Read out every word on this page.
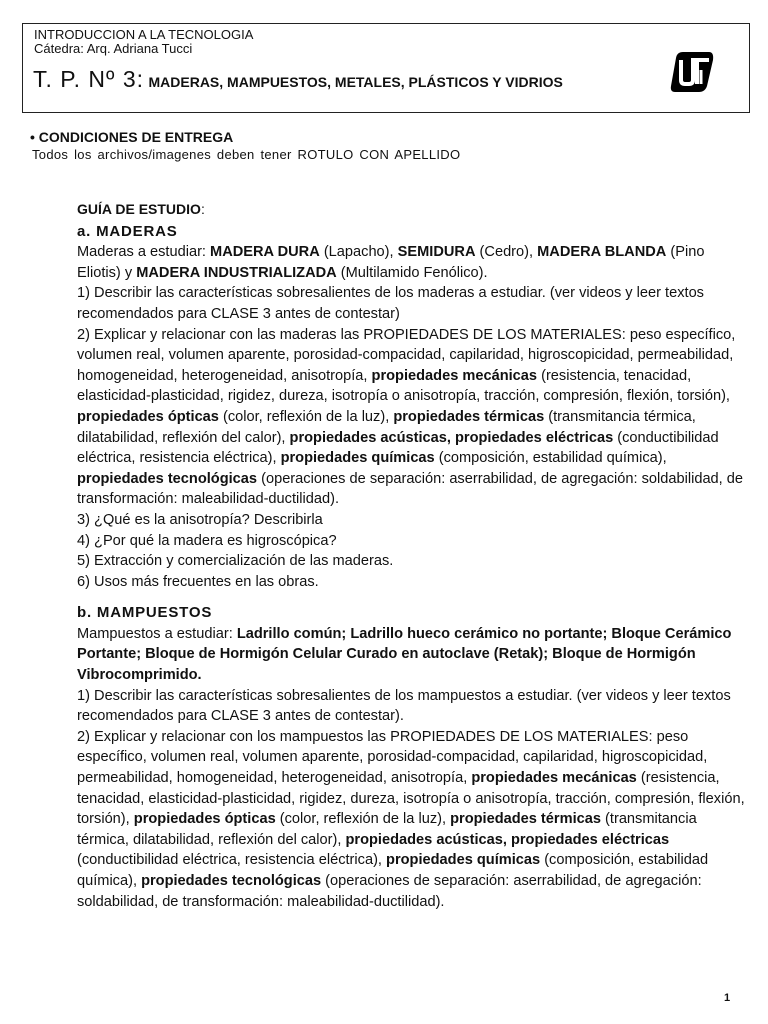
INTRODUCCION A LA TECNOLOGIA
Cátedra: Arq. Adriana Tucci
T. P. Nº 3: MADERAS, MAMPUESTOS, METALES, PLÁSTICOS Y VIDRIOS
• CONDICIONES DE ENTREGA
Todos los archivos/imagenes deben tener ROTULO CON APELLIDO

GUÍA DE ESTUDIO:

a. MADERAS

Maderas a estudiar: MADERA DURA (Lapacho), SEMIDURA (Cedro), MADERA BLANDA (Pino Eliotis) y MADERA INDUSTRIALIZADA (Multilamido Fenólico).

1) Describir las características sobresalientes de los maderas a estudiar. (ver videos y leer textos recomendados para CLASE 3 antes de contestar)

2) Explicar y relacionar con las maderas las PROPIEDADES DE LOS MATERIALES: peso específico, volumen real, volumen aparente, porosidad-compacidad, capilaridad, higroscopicidad, permeabilidad, homogeneidad, heterogeneidad, anisotropía, propiedades mecánicas (resistencia, tenacidad, elasticidad-plasticidad, rigidez, dureza, isotropía o anisotropía, tracción, compresión, flexión, torsión), propiedades ópticas (color, reflexión de la luz), propiedades térmicas (transmitancia térmica, dilatabilidad, reflexión del calor), propiedades acústicas, propiedades eléctricas (conductibilidad eléctrica, resistencia eléctrica), propiedades químicas (composición, estabilidad química), propiedades tecnológicas (operaciones de separación: aserrabilidad, de agregación: soldabilidad, de transformación: maleabilidad-ductilidad).

3) ¿Qué es la anisotropía? Describirla

4) ¿Por qué la madera es higroscópica?

5) Extracción y comercialización de las maderas.

6) Usos más frecuentes en las obras.

b. MAMPUESTOS

Mampuestos a estudiar: Ladrillo común; Ladrillo hueco cerámico no portante; Bloque Cerámico Portante; Bloque de Hormigón Celular Curado en autoclave (Retak); Bloque de Hormigón Vibrocomprimido.

1) Describir las características sobresalientes de los mampuestos a estudiar. (ver videos y leer textos recomendados para CLASE 3 antes de contestar).

2) Explicar y relacionar con los mampuestos las PROPIEDADES DE LOS MATERIALES: peso específico, volumen real, volumen aparente, porosidad-compacidad, capilaridad, higroscopicidad, permeabilidad, homogeneidad, heterogeneidad, anisotropía, propiedades mecánicas (resistencia, tenacidad, elasticidad-plasticidad, rigidez, dureza, isotropía o anisotropía, tracción, compresión, flexión, torsión), propiedades ópticas (color, reflexión de la luz), propiedades térmicas (transmitancia térmica, dilatabilidad, reflexión del calor), propiedades acústicas, propiedades eléctricas (conductibilidad eléctrica, resistencia eléctrica), propiedades químicas (composición, estabilidad química), propiedades tecnológicas (operaciones de separación: aserrabilidad, de agregación: soldabilidad, de transformación: maleabilidad-ductilidad).

1
